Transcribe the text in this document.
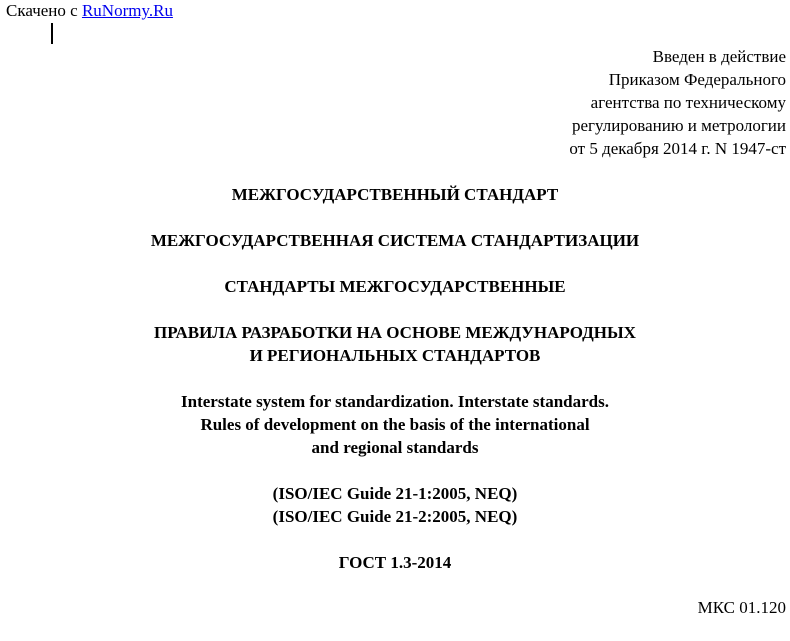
Скачено с RuNormy.Ru
Введен в действие
Приказом Федерального
агентства по техническому
регулированию и метрологии
от 5 декабря 2014 г. N 1947-ст
МЕЖГОСУДАРСТВЕННЫЙ СТАНДАРТ
МЕЖГОСУДАРСТВЕННАЯ СИСТЕМА СТАНДАРТИЗАЦИИ
СТАНДАРТЫ МЕЖГОСУДАРСТВЕННЫЕ
ПРАВИЛА РАЗРАБОТКИ НА ОСНОВЕ МЕЖДУНАРОДНЫХ
И РЕГИОНАЛЬНЫХ СТАНДАРТОВ
Interstate system for standardization. Interstate standards.
Rules of development on the basis of the international
and regional standards
(ISO/IEC Guide 21-1:2005, NEQ)
(ISO/IEC Guide 21-2:2005, NEQ)
ГОСТ 1.3-2014
МКС 01.120
